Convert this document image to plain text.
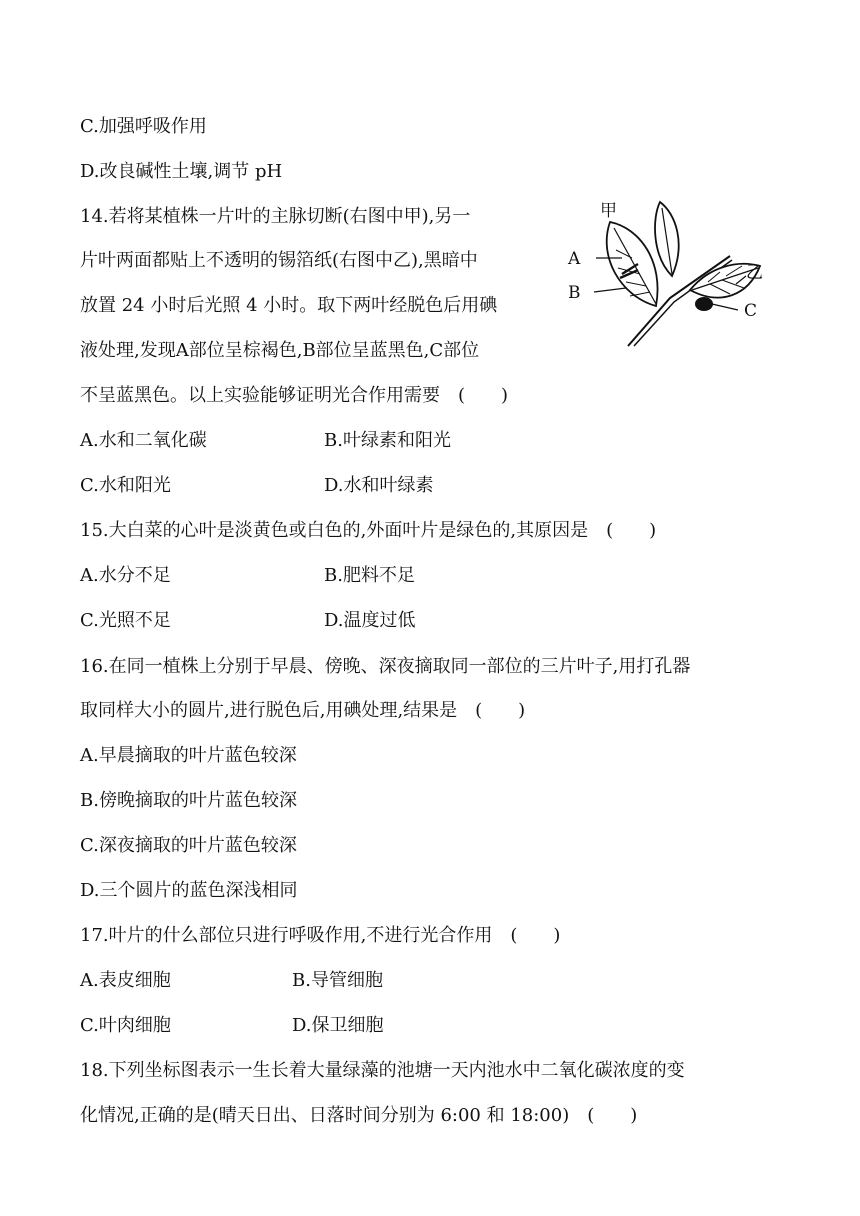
C.加强呼吸作用

D.改良碱性土壤,调节 pH

14.若将某植株一片叶的主脉切断(右图中甲),另一

片叶两面都贴上不透明的锡箔纸(右图中乙),黑暗中

放置 24 小时后光照 4 小时。取下两叶经脱色后用碘

液处理,发现A部位呈棕褐色,B部位呈蓝黑色,C部位

不呈蓝黑色。以上实验能够证明光合作用需要　(　　)

A.水和二氧化碳	B.叶绿素和阳光

C.水和阳光	D.水和叶绿素

15.大白菜的心叶是淡黄色或白色的,外面叶片是绿色的,其原因是　(　　)

A.水分不足	B.肥料不足

C.光照不足	D.温度过低

16.在同一植株上分别于早晨、傍晚、深夜摘取同一部位的三片叶子,用打孔器

取同样大小的圆片,进行脱色后,用碘处理,结果是　(　　)

A.早晨摘取的叶片蓝色较深

B.傍晚摘取的叶片蓝色较深

C.深夜摘取的叶片蓝色较深

D.三个圆片的蓝色深浅相同

17.叶片的什么部位只进行呼吸作用,不进行光合作用　(　　)

A.表皮细胞	B.导管细胞

C.叶肉细胞	D.保卫细胞

18.下列坐标图表示一生长着大量绿藻的池塘一天内池水中二氧化碳浓度的变

化情况,正确的是(晴天日出、日落时间分别为 6:00 和 18:00)　(　　)

甲
A
B
乙
C
